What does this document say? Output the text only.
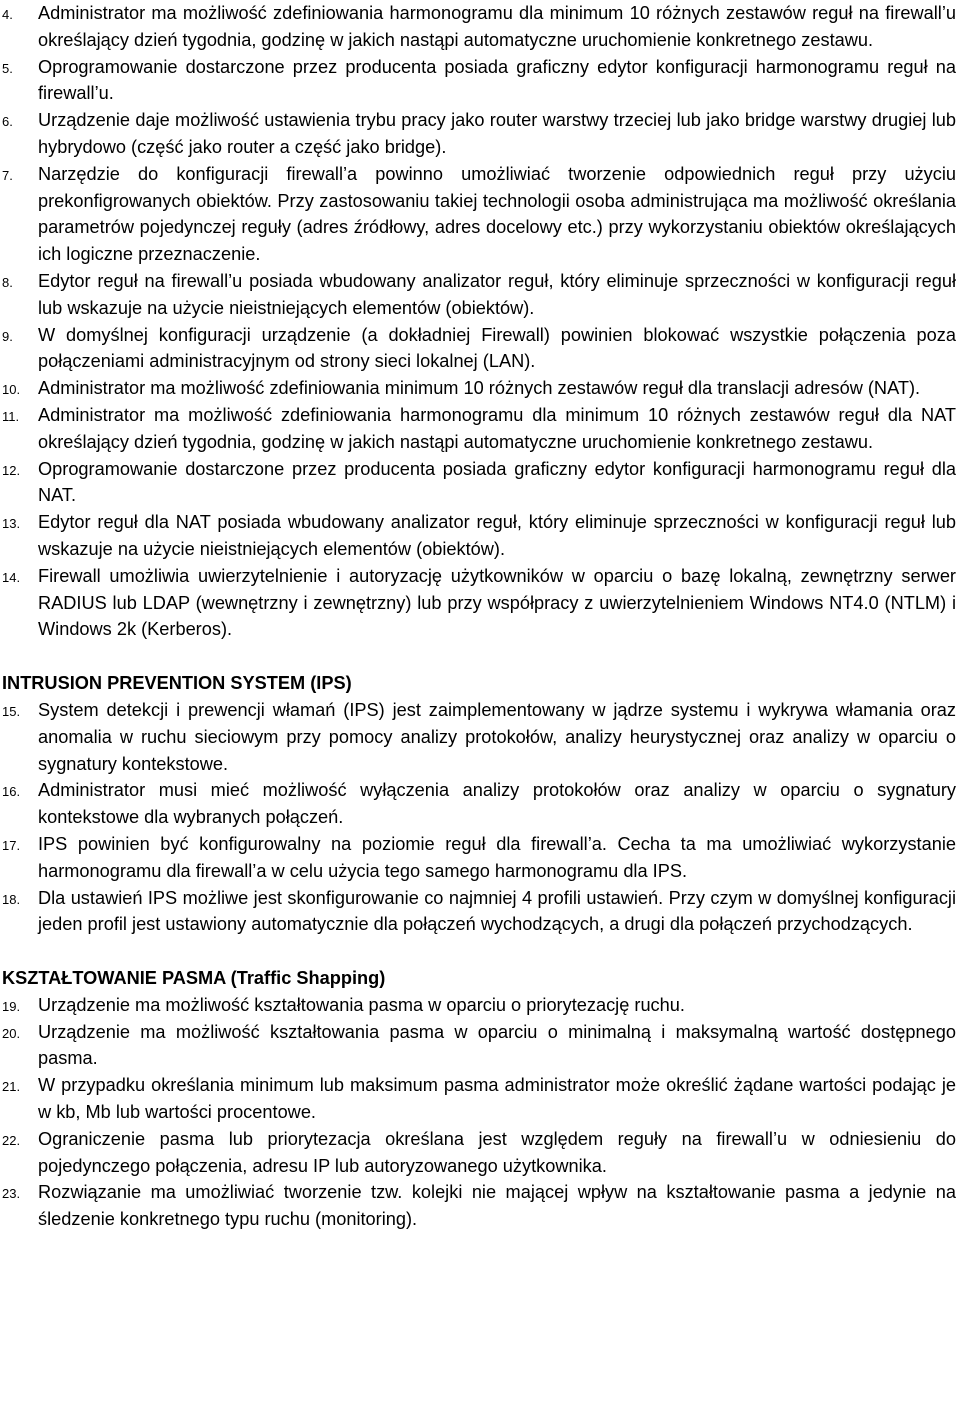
4. Administrator ma możliwość zdefiniowania harmonogramu dla minimum 10 różnych zestawów reguł na firewall’u określający dzień tygodnia, godzinę w jakich nastąpi automatyczne uruchomienie konkretnego zestawu.
5. Oprogramowanie dostarczone przez producenta posiada graficzny edytor konfiguracji harmonogramu reguł na firewall’u.
6. Urządzenie daje możliwość ustawienia trybu pracy jako router warstwy trzeciej lub jako bridge warstwy drugiej lub hybrydowo (część jako router a część jako bridge).
7. Narzędzie do konfiguracji firewall’a powinno umożliwiać tworzenie odpowiednich reguł przy użyciu prekonfigrowanych obiektów. Przy zastosowaniu takiej technologii osoba administrująca ma możliwość określania parametrów pojedynczej reguły (adres źródłowy, adres docelowy etc.) przy wykorzystaniu obiektów określających ich logiczne przeznaczenie.
8. Edytor reguł na firewall’u posiada wbudowany analizator reguł, który eliminuje sprzeczności w konfiguracji reguł lub wskazuje na użycie nieistniejących elementów (obiektów).
9. W domyślnej konfiguracji urządzenie (a dokładniej Firewall) powinien blokować wszystkie połączenia poza połączeniami administracyjnym od strony sieci lokalnej (LAN).
10. Administrator ma możliwość zdefiniowania minimum 10 różnych zestawów reguł dla translacji adresów (NAT).
11. Administrator ma możliwość zdefiniowania harmonogramu dla minimum 10 różnych zestawów reguł dla NAT określający dzień tygodnia, godzinę w jakich nastąpi automatyczne uruchomienie konkretnego zestawu.
12. Oprogramowanie dostarczone przez producenta posiada graficzny edytor konfiguracji harmonogramu reguł dla NAT.
13. Edytor reguł dla NAT posiada wbudowany analizator reguł, który eliminuje sprzeczności w konfiguracji reguł lub wskazuje na użycie nieistniejących elementów (obiektów).
14. Firewall umożliwia uwierzytelnienie i autoryzację użytkowników w oparciu o bazę lokalną, zewnętrzny serwer RADIUS lub LDAP (wewnętrzny i zewnętrzny) lub przy współpracy z uwierzytelnieniem Windows NT4.0 (NTLM) i Windows 2k (Kerberos).
INTRUSION PREVENTION SYSTEM (IPS)
15. System detekcji i prewencji włamań (IPS) jest zaimplementowany w jądrze systemu i wykrywa włamania oraz anomalia w ruchu sieciowym przy pomocy analizy protokołów, analizy heurystycznej oraz analizy w oparciu o sygnatury kontekstowe.
16. Administrator musi mieć możliwość wyłączenia analizy protokołów oraz analizy w oparciu o sygnatury kontekstowe dla wybranych połączeń.
17. IPS powinien być konfigurowalny na poziomie reguł dla firewall’a. Cecha ta ma umożliwiać wykorzystanie harmonogramu dla firewall’a w celu użycia tego samego harmonogramu dla IPS.
18. Dla ustawień IPS możliwe jest skonfigurowanie co najmniej 4 profili ustawień. Przy czym w domyślnej konfiguracji jeden profil jest ustawiony automatycznie dla połączeń wychodzących, a drugi dla połączeń przychodzących.
KSZTAŁTOWANIE PASMA (Traffic Shapping)
19. Urządzenie ma możliwość kształtowania pasma w oparciu o priorytezację ruchu.
20. Urządzenie ma możliwość kształtowania pasma w oparciu o minimalną i maksymalną wartość dostępnego pasma.
21. W przypadku określania minimum lub maksimum pasma administrator może określić żądane wartości podając je w kb, Mb lub wartości procentowe.
22. Ograniczenie pasma lub priorytezacja określana jest względem reguły na firewall’u w odniesieniu do pojedynczego połączenia, adresu IP lub autoryzowanego użytkownika.
23. Rozwiązanie ma umożliwiać tworzenie tzw. kolejki nie mającej wpływ na kształtowanie pasma a jedynie na śledzenie konkretnego typu ruchu (monitoring).
